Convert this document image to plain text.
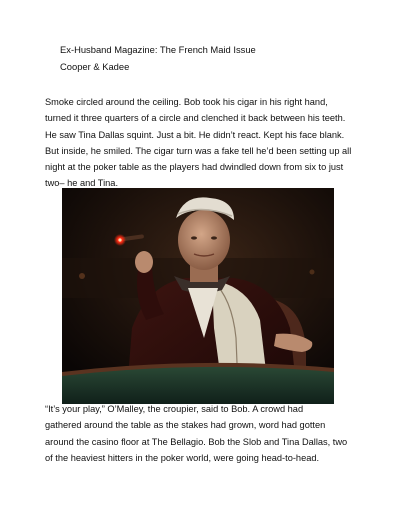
Ex-Husband Magazine: The French Maid Issue
Cooper & Kadee
Smoke circled around the ceiling. Bob took his cigar in his right hand,
turned it three quarters of a circle and clenched it back between his teeth.
He saw Tina Dallas squint. Just a bit. He didn’t react. Kept his face blank.
But inside, he smiled. The cigar turn was a fake tell he’d been setting up all
night at the poker table as the players had dwindled down from six to just
two– he and Tina.
“It’s your play,” O’Malley, the croupier, said to Bob. A crowd had
gathered around the table as the stakes had grown, word had gotten
around the casino floor at The Bellagio. Bob the Slob and Tina Dallas, two
of the heaviest hitters in the poker world, were going head-to-head.
